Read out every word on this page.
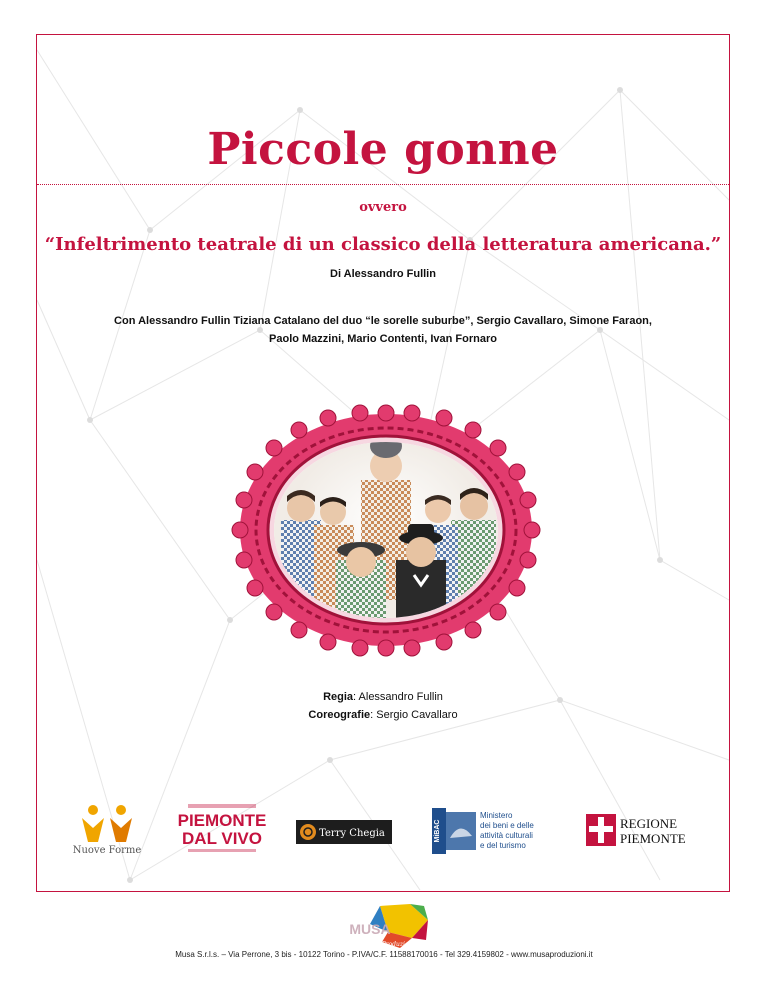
Piccole gonne
ovvero
“Infeltrimento teatrale di un classico della letteratura americana.”
Di Alessandro Fullin
Con Alessandro Fullin Tiziana Catalano del duo “le sorelle suburbe”, Sergio Cavallaro, Simone Faraon,
Paolo Mazzini, Mario Contenti, Ivan Fornaro
Regia: Alessandro Fullin
Coreografie: Sergio Cavallaro
Nuove Forme
PIEMONTE
DAL VIVO	Terry Chegia	MiBAC
Ministero
dei beni e delle
attività culturali
e del turismo
REGIONE
PIEMONTE
MUSA
Produzioni
Musa S.r.l.s. – Via Perrone, 3 bis - 10122 Torino - P.IVA/C.F. 11588170016 - Tel 329.4159802 - www.musaproduzioni.it
